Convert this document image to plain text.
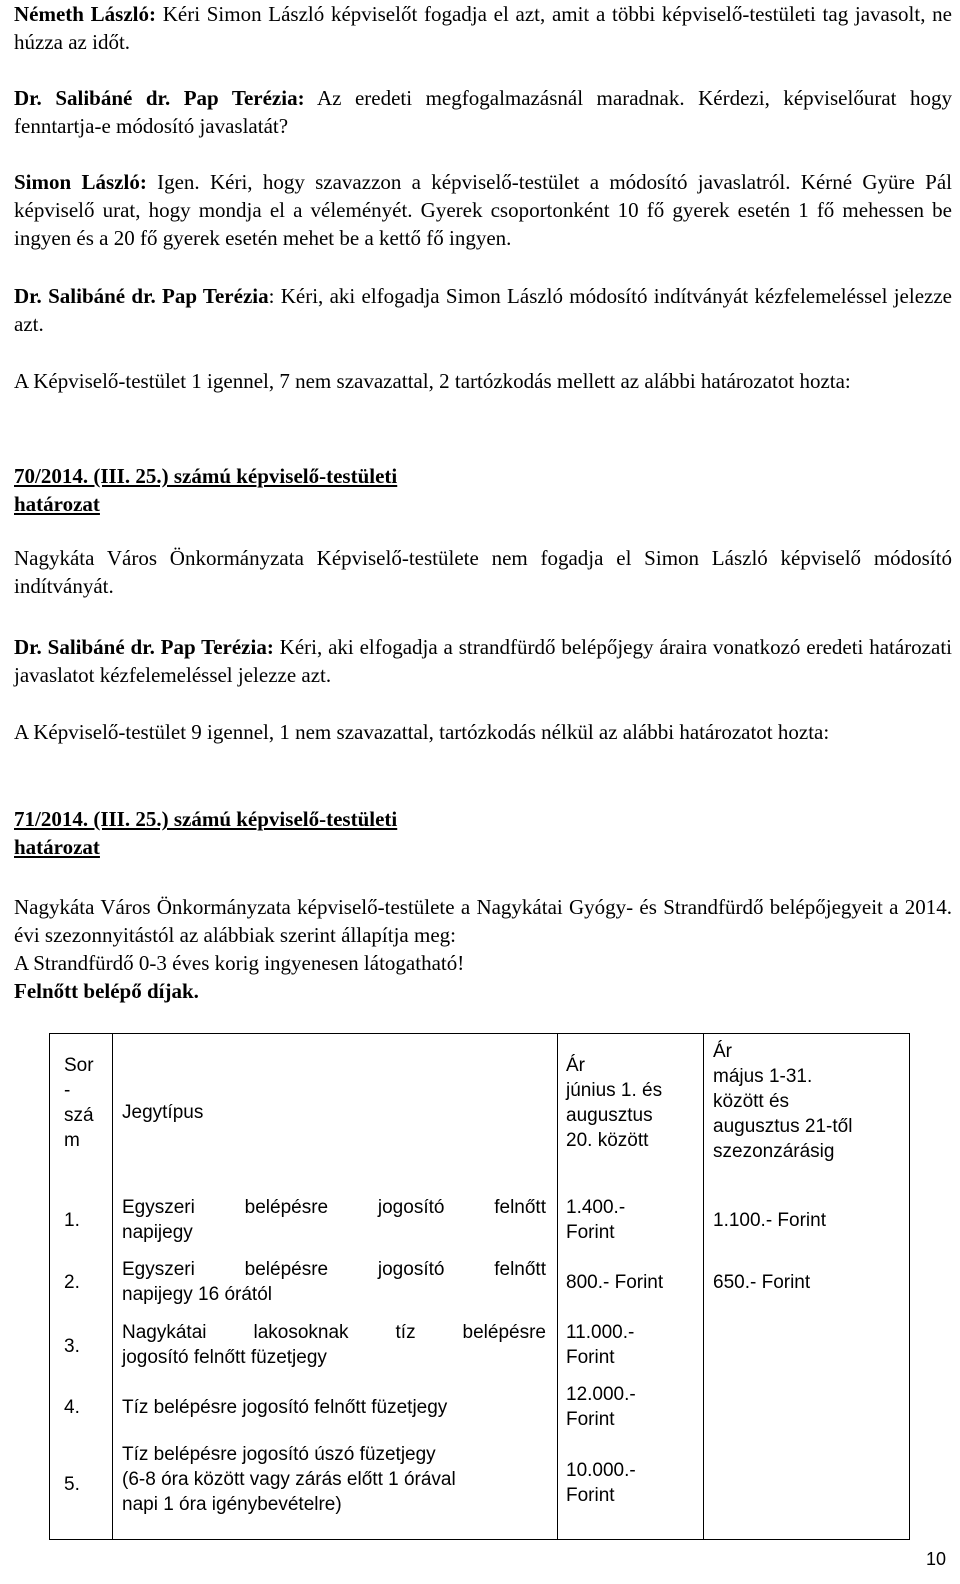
Németh László: Kéri Simon László képviselőt fogadja el azt, amit a többi képviselő-testületi tag javasolt, ne húzza az időt.

Dr. Salibáné dr. Pap Terézia: Az eredeti megfogalmazásnál maradnak. Kérdezi, képviselőurat hogy fenntartja-e módosító javaslatát?

Simon László: Igen. Kéri, hogy szavazzon a képviselő-testület a módosító javaslatról. Kérné Gyüre Pál képviselő urat, hogy mondja el a véleményét. Gyerek csoportonként 10 fő gyerek esetén 1 fő mehessen be ingyen és a 20 fő gyerek esetén mehet be a kettő fő ingyen.

Dr. Salibáné dr. Pap Terézia: Kéri, aki elfogadja Simon László módosító indítványát kézfelemeléssel jelezze azt.

A Képviselő-testület 1 igennel, 7 nem szavazattal, 2 tartózkodás mellett az alábbi határozatot hozta:

70/2014. (III. 25.) számú képviselő-testületi
határozat

Nagykáta Város Önkormányzata Képviselő-testülete nem fogadja el Simon László képviselő módosító indítványát.

Dr. Salibáné dr. Pap Terézia: Kéri, aki elfogadja a strandfürdő belépőjegy áraira vonatkozó eredeti határozati javaslatot kézfelemeléssel jelezze azt.

A Képviselő-testület 9 igennel, 1 nem szavazattal, tartózkodás nélkül az alábbi határozatot hozta:

71/2014. (III. 25.) számú képviselő-testületi
határozat

Nagykáta Város Önkormányzata képviselő-testülete a Nagykátai Gyógy- és Strandfürdő belépőjegyeit a 2014. évi szezonnyitástól az alábbiak szerint állapítja meg:

A Strandfürdő 0-3 éves korig ingyenesen látogatható!
Felnőtt belépő díjak.
Sor
-
szá
m
Jegytípus
Ár
június 1. és
augusztus
20. között
Ár
május 1-31.
között és
augusztus 21-től
szezonzárásig
1.
Egyszeri belépésre jogosító felnőtt
napijegy
1.400.-
Forint
1.100.- Forint
2.
Egyszeri belépésre jogosító felnőtt
napijegy 16 órától
800.- Forint	650.- Forint
3.
Nagykátai lakosoknak tíz belépésre
jogosító felnőtt füzetjegy
11.000.-
Forint
4. Tíz belépésre jogosító felnőtt füzetjegy
12.000.-
Forint
5.
Tíz belépésre jogosító úszó füzetjegy
(6-8 óra között vagy zárás előtt 1 órával
napi 1 óra igénybevételre)
10.000.-
Forint
10
